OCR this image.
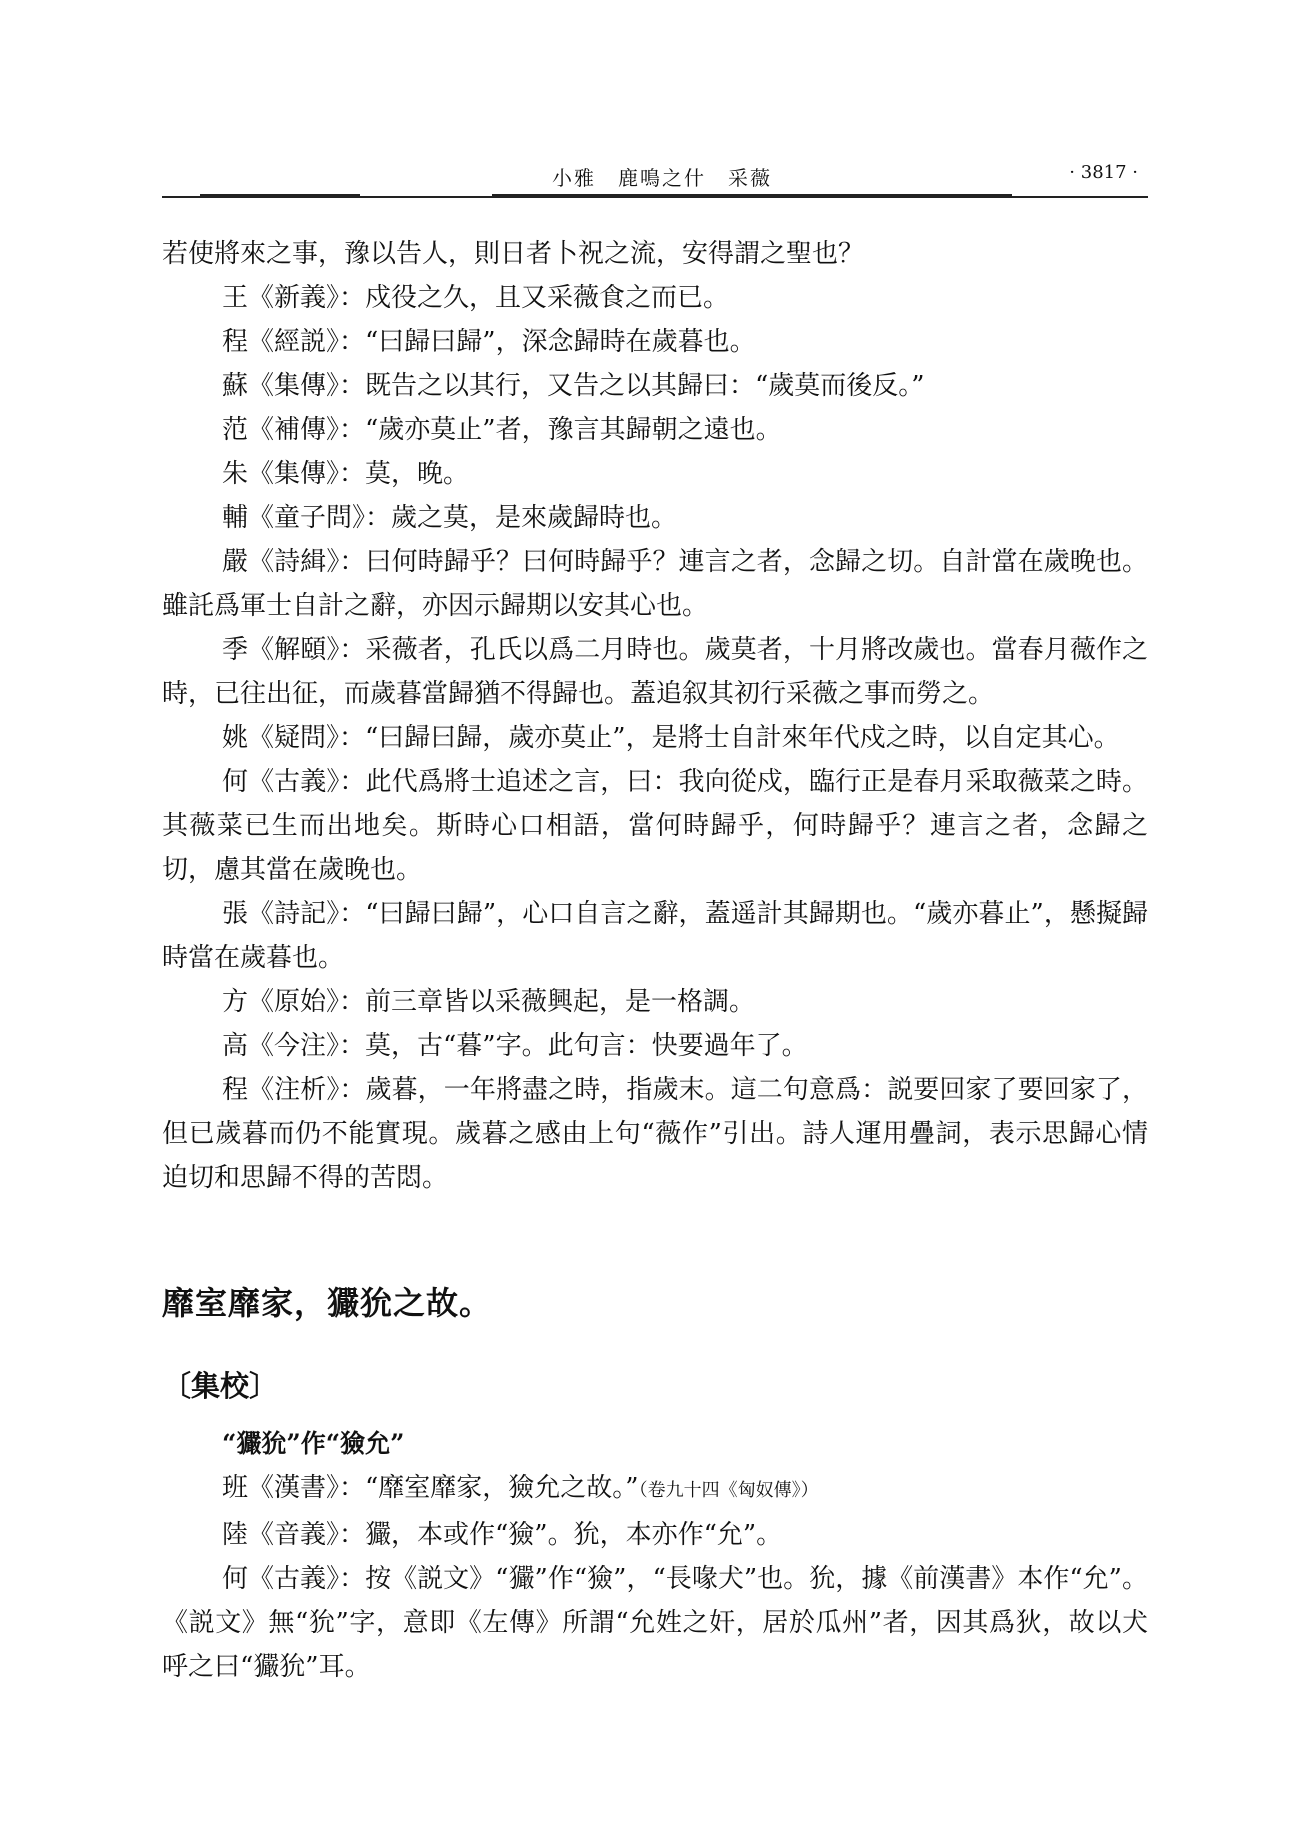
小雅　鹿鳴之什　采薇	· 3817 ·

若使將來之事，豫以告人，則日者卜祝之流，安得謂之聖也？

王《新義》：戍役之久，且又采薇食之而已。

程《經説》：“曰歸曰歸”，深念歸時在歲暮也。

蘇《集傳》：既告之以其行，又告之以其歸曰：“歲莫而後反。”

范《補傳》：“歲亦莫止”者，豫言其歸朝之遠也。

朱《集傳》：莫，晚。

輔《童子問》：歲之莫，是來歲歸時也。

嚴《詩緝》：曰何時歸乎？曰何時歸乎？連言之者，念歸之切。自計當在歲晚也。雖託爲軍士自計之辭，亦因示歸期以安其心也。

季《解頤》：采薇者，孔氏以爲二月時也。歲莫者，十月將改歲也。當春月薇作之時，已往出征，而歲暮當歸猶不得歸也。蓋追叙其初行采薇之事而勞之。

姚《疑問》：“曰歸曰歸，歲亦莫止”，是將士自計來年代戍之時，以自定其心。

何《古義》：此代爲將士追述之言，曰：我向從戍，臨行正是春月采取薇菜之時。其薇菜已生而出地矣。斯時心口相語，當何時歸乎，何時歸乎？連言之者，念歸之切，慮其當在歲晚也。

張《詩記》：“曰歸曰歸”，心口自言之辭，蓋遥計其歸期也。“歲亦暮止”，懸擬歸時當在歲暮也。

方《原始》：前三章皆以采薇興起，是一格調。

高《今注》：莫，古“暮”字。此句言：快要過年了。

程《注析》：歲暮，一年將盡之時，指歲末。這二句意爲：説要回家了要回家了，但已歲暮而仍不能實現。歲暮之感由上句“薇作”引出。詩人運用疊詞，表示思歸心情迫切和思歸不得的苦悶。

靡室靡家，玁狁之故。
〔集校〕

“玁狁”作“獫允”

班《漢書》：“靡室靡家，獫允之故。”（卷九十四《匈奴傳》）

陸《音義》：玁，本或作“獫”。狁，本亦作“允”。

何《古義》：按《説文》“玁”作“獫”，“長喙犬”也。狁，據《前漢書》本作“允”。《説文》無“狁”字，意即《左傳》所謂“允姓之奸，居於瓜州”者，因其爲狄，故以犬呼之曰“玁狁”耳。
